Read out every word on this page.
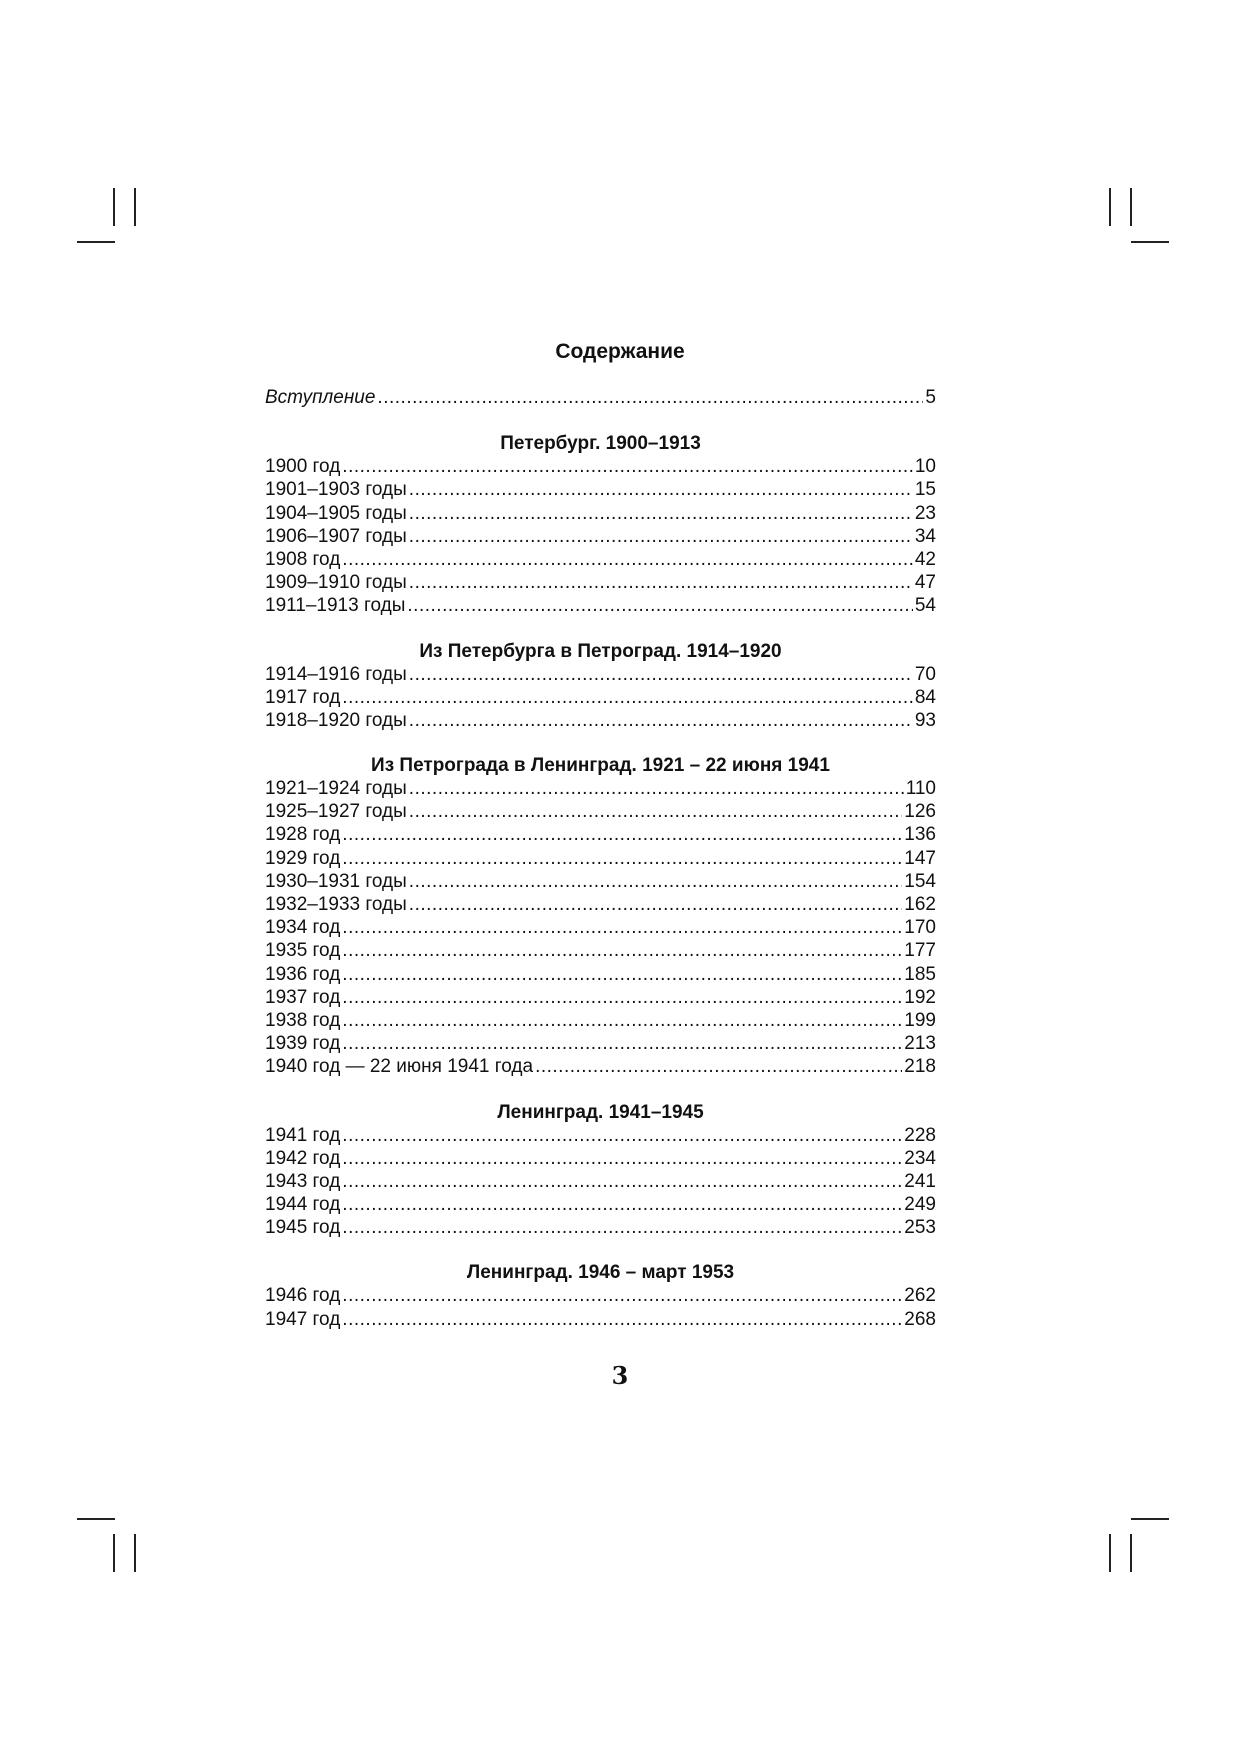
Содержание
Вступление .....	5
Петербург. 1900–1913
1900 год .....	10
1901–1903 годы .....	15
1904–1905 годы .....	23
1906–1907 годы .....	34
1908 год .....	42
1909–1910 годы .....	47
1911–1913 годы .....	54
Из Петербурга в Петроград. 1914–1920
1914–1916 годы .....	70
1917 год .....	84
1918–1920 годы .....	93
Из Петрограда в Ленинград. 1921 – 22 июня 1941
1921–1924 годы .....	110
1925–1927 годы .....	126
1928 год .....	136
1929 год .....	147
1930–1931 годы .....	154
1932–1933 годы .....	162
1934 год .....	170
1935 год .....	177
1936 год .....	185
1937 год .....	192
1938 год .....	199
1939 год .....	213
1940 год — 22 июня 1941 года .....	218
Ленинград. 1941–1945
1941 год .....	228
1942 год .....	234
1943 год .....	241
1944 год .....	249
1945 год .....	253
Ленинград. 1946 – март 1953
1946 год .....	262
1947 год .....	268
3
